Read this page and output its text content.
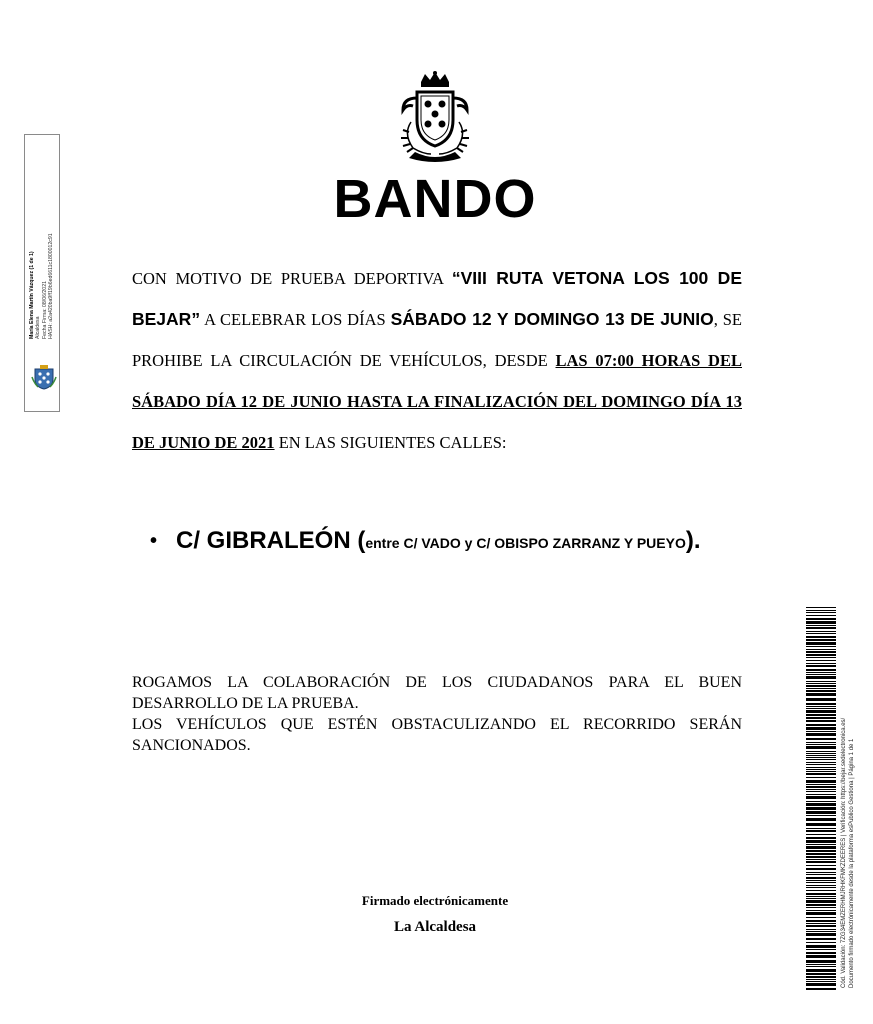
María Elena Martín Vázquez (1 de 1) Alcaldesa Fecha Firma: 08/06/2021 HASH: a2a420ba9ff19b6ed6611c1800012c91
Cód. Validación: 7ZG34EMZERHMJRHKFMKZDEERES | Verificación: https://bejar.sedelectronica.es/ Documento firmado electrónicamente desde la plataforma esPublico Gestiona | Página 1 de 1
BANDO
CON MOTIVO DE PRUEBA DEPORTIVA “VIII RUTA VETONA LOS 100 DE BEJAR” A CELEBRAR LOS DÍAS SÁBADO 12 Y DOMINGO 13 DE JUNIO, SE PROHIBE LA CIRCULACIÓN DE VEHÍCULOS, DESDE LAS 07:00 HORAS DEL SÁBADO DÍA 12 DE JUNIO HASTA LA FINALIZACIÓN DEL DOMINGO DÍA 13 DE JUNIO DE 2021 EN LAS SIGUIENTES CALLES:
• C/ GIBRALEÓN (entre C/ VADO y C/ OBISPO ZARRANZ Y PUEYO).

ROGAMOS LA COLABORACIÓN DE LOS CIUDADANOS PARA EL BUEN DESARROLLO DE LA PRUEBA.

LOS VEHÍCULOS QUE ESTÉN OBSTACULIZANDO EL RECORRIDO SERÁN SANCIONADOS.

Firmado electrónicamente
La Alcaldesa
